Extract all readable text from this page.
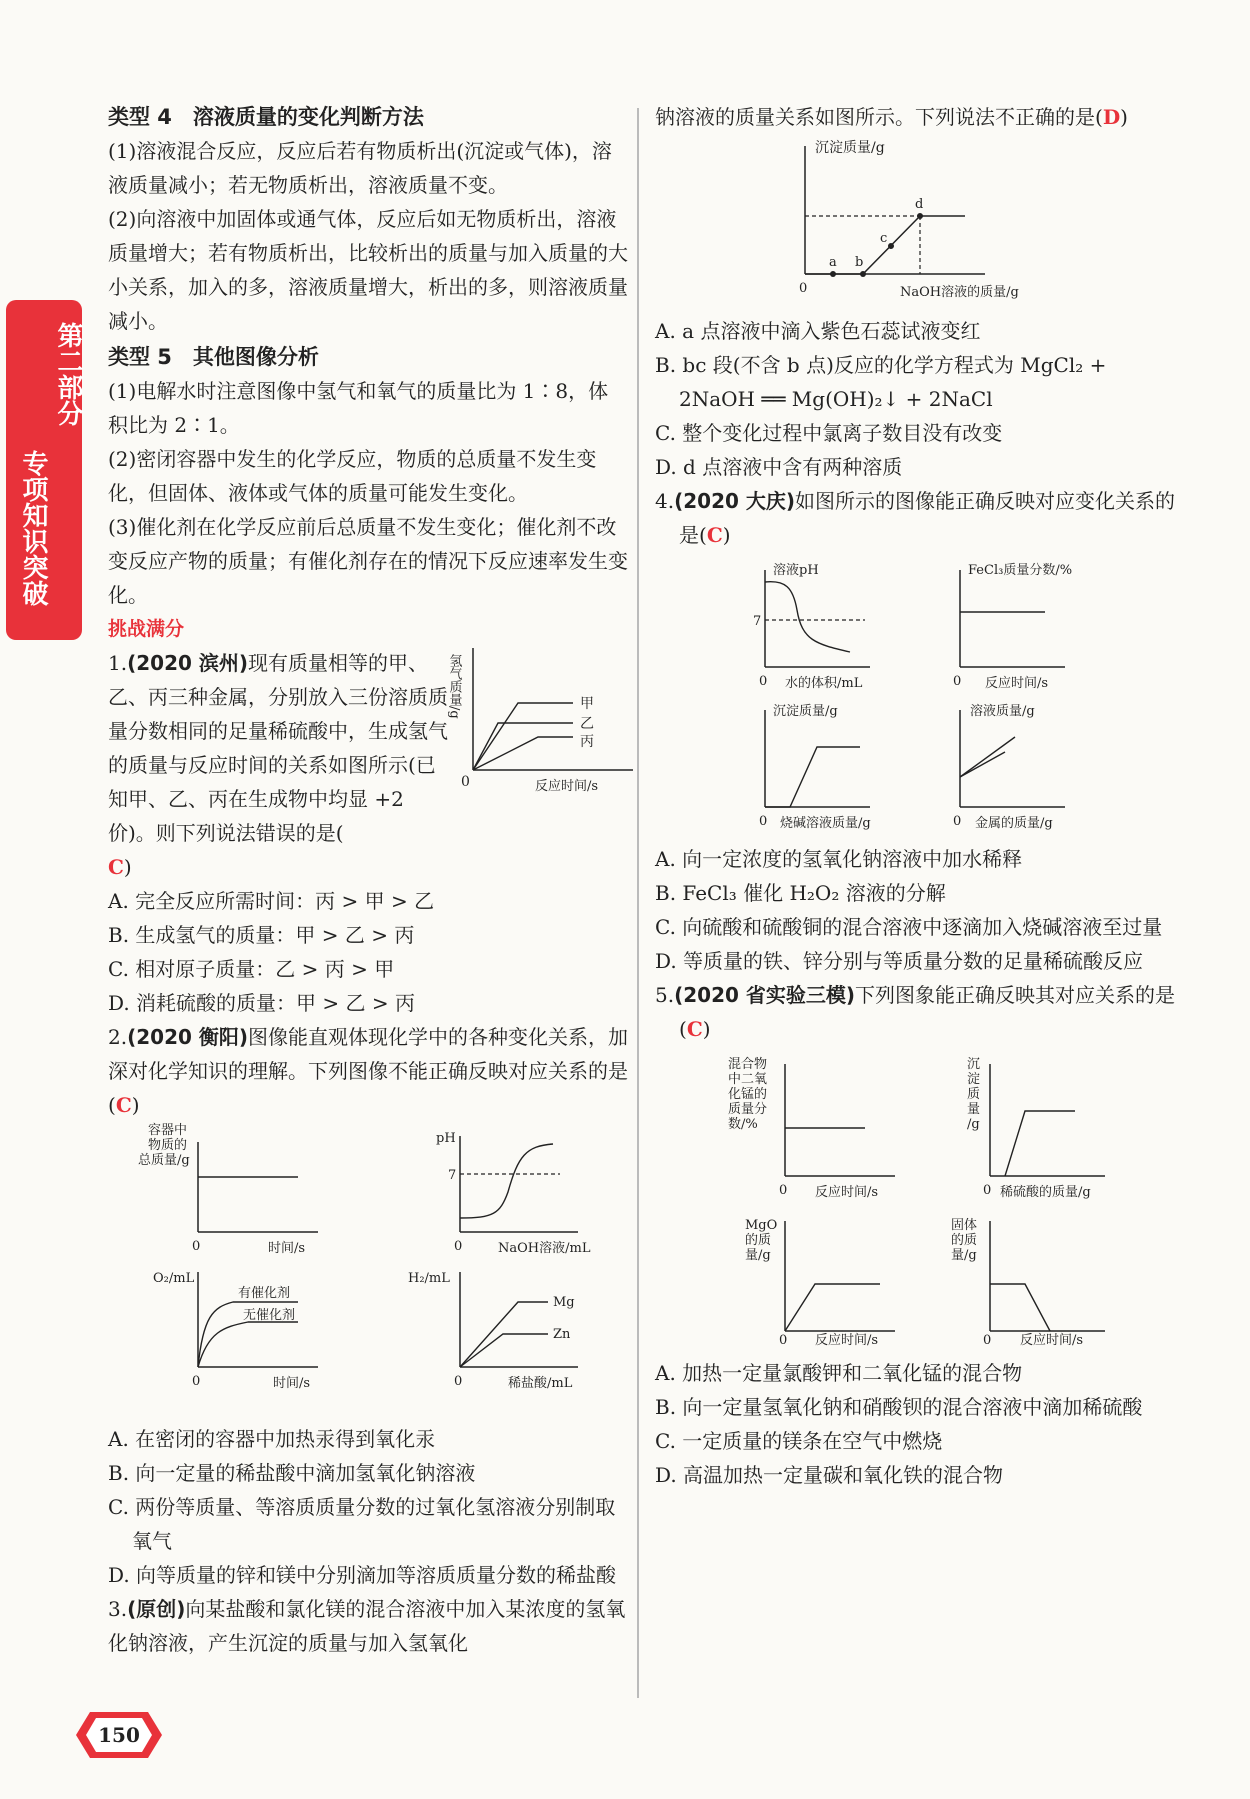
第二部分
专项知识突破

类型 4　溶液质量的变化判断方法

(1)溶液混合反应，反应后若有物质析出(沉淀或气体)，溶液质量减小；若无物质析出，溶液质量不变。

(2)向溶液中加固体或通气体，反应后如无物质析出，溶液质量增大；若有物质析出，比较析出的质量与加入质量的大小关系，加入的多，溶液质量增大，析出的多，则溶液质量减小。

类型 5　其他图像分析

(1)电解水时注意图像中氢气和氧气的质量比为 1∶8，体积比为 2∶1。

(2)密闭容器中发生的化学反应，物质的总质量不发生变化，但固体、液体或气体的质量可能发生变化。

(3)催化剂在化学反应前后总质量不发生变化；催化剂不改变反应产物的质量；有催化剂存在的情况下反应速率发生变化。

挑战满分

1.(2020 滨州)现有质量相等的甲、乙、丙三种金属，分别放入三份溶质质量分数相同的足量稀硫酸中，生成氢气的质量与反应时间的关系如图所示(已知甲、乙、丙在生成物中均显 +2 价)。则下列说法错误的是(

C)

氢气质量/g
0	反应时间/s
甲
乙
丙

A. 完全反应所需时间：丙 > 甲 > 乙

B. 生成氢气的质量：甲 > 乙 > 丙

C. 相对原子质量：乙 > 丙 > 甲

D. 消耗硫酸的质量：甲 > 乙 > 丙

2.(2020 衡阳)图像能直观体现化学中的各种变化关系，加深对化学知识的理解。下列图像不能正确反映对应关系的是(C)

容器中
物质的
总质量/g
0	时间/s
pH
7
0	NaOH溶液/mL
O₂/mL
有催化剂
无催化剂
0	时间/s
H₂/mL
Mg
Zn
0	稀盐酸/mL

A. 在密闭的容器中加热汞得到氧化汞

B. 向一定量的稀盐酸中滴加氢氧化钠溶液

C. 两份等质量、等溶质质量分数的过氧化氢溶液分别制取氧气

D. 向等质量的锌和镁中分别滴加等溶质质量分数的稀盐酸

3.(原创)向某盐酸和氯化镁的混合溶液中加入某浓度的氢氧化钠溶液，产生沉淀的质量与加入氢氧化

钠溶液的质量关系如图所示。下列说法不正确的是(D)

a b
c
d
沉淀质量/g
0	NaOH溶液的质量/g

A. a 点溶液中滴入紫色石蕊试液变红

B. bc 段(不含 b 点)反应的化学方程式为 MgCl₂ + 2NaOH ══ Mg(OH)₂↓ + 2NaCl

C. 整个变化过程中氯离子数目没有改变

D. d 点溶液中含有两种溶质

4.(2020 大庆)如图所示的图像能正确反映对应变化关系的是(C)

溶液pH
7
0 水的体积/mL
FeCl₃质量分数/%
0 反应时间/s
沉淀质量/g
0 烧碱溶液质量/g
溶液质量/g
0 金属的质量/g

A. 向一定浓度的氢氧化钠溶液中加水稀释

B. FeCl₃ 催化 H₂O₂ 溶液的分解

C. 向硫酸和硫酸铜的混合溶液中逐滴加入烧碱溶液至过量

D. 等质量的铁、锌分别与等质量分数的足量稀硫酸反应

5.(2020 省实验三模)下列图象能正确反映其对应关系的是(C)

混合物
中二氧
化锰的
质量分
数/%
0 反应时间/s
沉
淀
质
量
/g
0 稀硫酸的质量/g
MgO
的质
量/g
0 反应时间/s
固体
的质
量/g
0 反应时间/s

A. 加热一定量氯酸钾和二氧化锰的混合物

B. 向一定量氢氧化钠和硝酸钡的混合溶液中滴加稀硫酸

C. 一定质量的镁条在空气中燃烧

D. 高温加热一定量碳和氧化铁的混合物

150
